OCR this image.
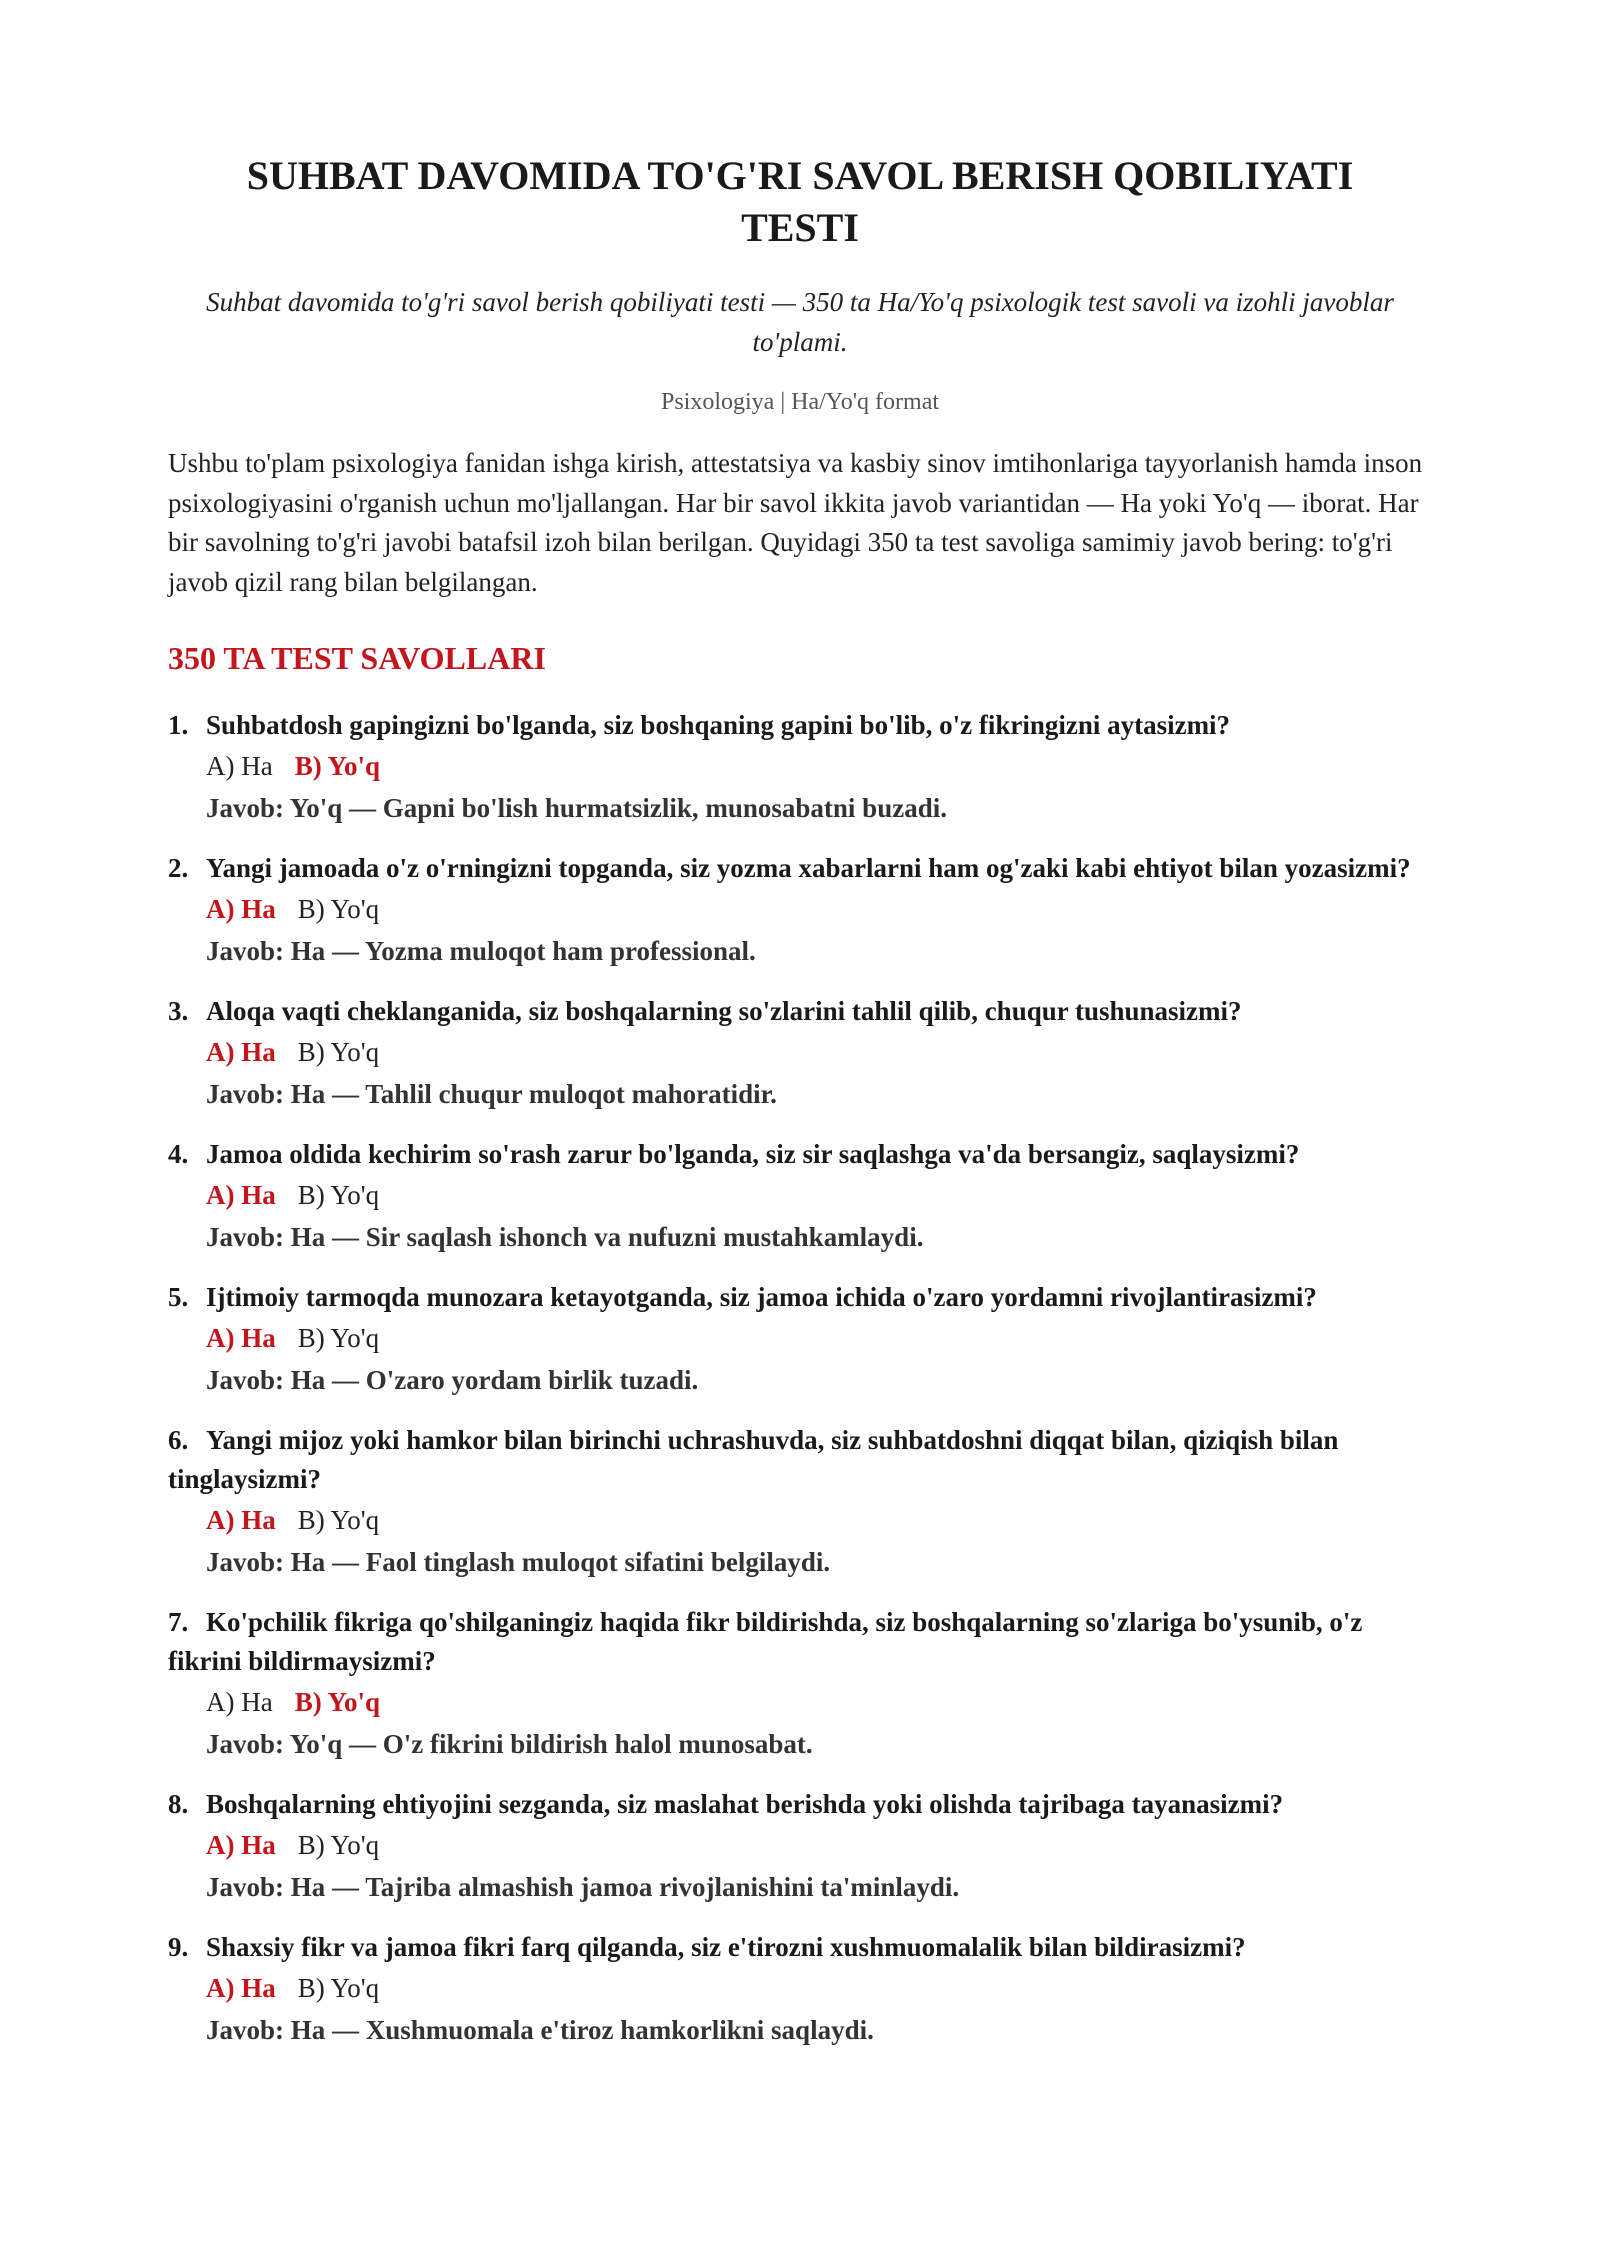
SUHBAT DAVOMIDA TO'G'RI SAVOL BERISH QOBILIYATI TESTI
Suhbat davomida to'g'ri savol berish qobiliyati testi — 350 ta Ha/Yo'q psixologik test savoli va izohli javoblar to'plami.
Psixologiya | Ha/Yo'q format
Ushbu to'plam psixologiya fanidan ishga kirish, attestatsiya va kasbiy sinov imtihonlariga tayyorlanish hamda inson psixologiyasini o'rganish uchun mo'ljallangan. Har bir savol ikkita javob variantidan — Ha yoki Yo'q — iborat. Har bir savolning to'g'ri javobi batafsil izoh bilan berilgan. Quyidagi 350 ta test savoliga samimiy javob bering: to'g'ri javob qizil rang bilan belgilangan.
350 TA TEST SAVOLLARI
1. Suhbatdosh gapingizni bo'lganda, siz boshqaning gapini bo'lib, o'z fikringizni aytasizmi?
A) Ha B) Yo'q
Javob: Yo'q — Gapni bo'lish hurmatsizlik, munosabatni buzadi.
2. Yangi jamoada o'z o'rningizni topganda, siz yozma xabarlarni ham og'zaki kabi ehtiyot bilan yozasizmi?
A) Ha B) Yo'q
Javob: Ha — Yozma muloqot ham professional.
3. Aloqa vaqti cheklanganida, siz boshqalarning so'zlarini tahlil qilib, chuqur tushunasizmi?
A) Ha B) Yo'q
Javob: Ha — Tahlil chuqur muloqot mahoratidir.
4. Jamoa oldida kechirim so'rash zarur bo'lganda, siz sir saqlashga va'da bersangiz, saqlaysizmi?
A) Ha B) Yo'q
Javob: Ha — Sir saqlash ishonch va nufuzni mustahkamlaydi.
5. Ijtimoiy tarmoqda munozara ketayotganda, siz jamoa ichida o'zaro yordamni rivojlantirasizmi?
A) Ha B) Yo'q
Javob: Ha — O'zaro yordam birlik tuzadi.
6. Yangi mijoz yoki hamkor bilan birinchi uchrashuvda, siz suhbatdoshni diqqat bilan, qiziqish bilan tinglaysizmi?
A) Ha B) Yo'q
Javob: Ha — Faol tinglash muloqot sifatini belgilaydi.
7. Ko'pchilik fikriga qo'shilganingiz haqida fikr bildirishda, siz boshqalarning so'zlariga bo'ysunib, o'z fikrini bildirmaysizmi?
A) Ha B) Yo'q
Javob: Yo'q — O'z fikrini bildirish halol munosabat.
8. Boshqalarning ehtiyojini sezganda, siz maslahat berishda yoki olishda tajribaga tayanasizmi?
A) Ha B) Yo'q
Javob: Ha — Tajriba almashish jamoa rivojlanishini ta'minlaydi.
9. Shaxsiy fikr va jamoa fikri farq qilganda, siz e'tirozni xushmuomalalik bilan bildirasizmi?
A) Ha B) Yo'q
Javob: Ha — Xushmuomala e'tiroz hamkorlikni saqlaydi.
